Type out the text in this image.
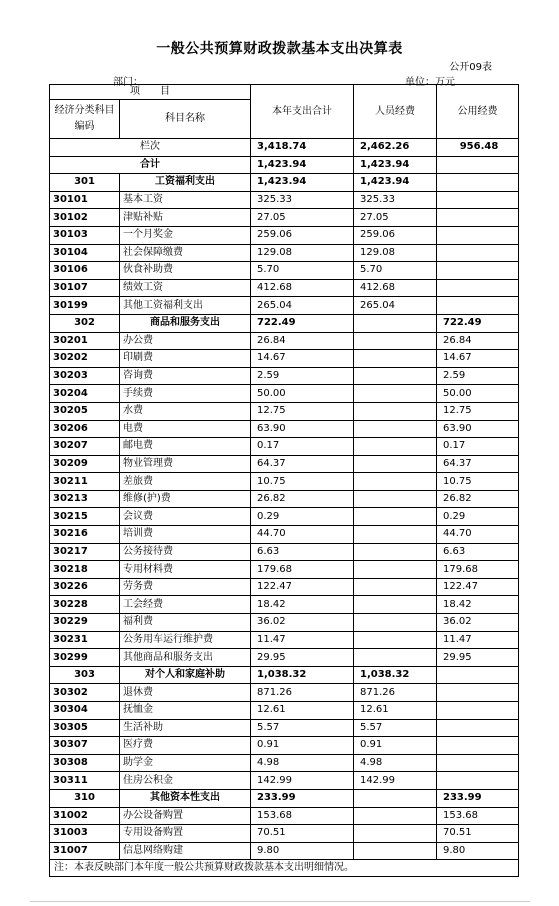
一般公共预算财政拨款基本支出决算表
公开09表
部门：	单位：万元
项　　目		本年支出合计	人员经费	公用经费
经济分类科目编码	科目名称			
栏次		3,418.74	2,462.26	956.48
合计		1,423.94	1,423.94	
301	工资福利支出	1,423.94	1,423.94	
30101	基本工资	325.33	325.33	
30102	津贴补贴	27.05	27.05	
30103	一个月奖金	259.06	259.06	
30104	社会保障缴费	129.08	129.08	
30106	伙食补助费	5.70	5.70	
30107	绩效工资	412.68	412.68	
30199	其他工资福利支出	265.04	265.04	
302	商品和服务支出	722.49		722.49
30201	办公费	26.84		26.84
30202	印刷费	14.67		14.67
30203	咨询费	2.59		2.59
30204	手续费	50.00		50.00
30205	水费	12.75		12.75
30206	电费	63.90		63.90
30207	邮电费	0.17		0.17
30209	物业管理费	64.37		64.37
30211	差旅费	10.75		10.75
30213	维修(护)费	26.82		26.82
30215	会议费	0.29		0.29
30216	培训费	44.70		44.70
30217	公务接待费	6.63		6.63
30218	专用材料费	179.68		179.68
30226	劳务费	122.47		122.47
30228	工会经费	18.42		18.42
30229	福利费	36.02		36.02
30231	公务用车运行维护费	11.47		11.47
30299	其他商品和服务支出	29.95		29.95
303	对个人和家庭补助	1,038.32	1,038.32	
30302	退休费	871.26	871.26	
30304	抚恤金	12.61	12.61	
30305	生活补助	5.57	5.57	
30307	医疗费	0.91	0.91	
30308	助学金	4.98	4.98	
30311	住房公积金	142.99	142.99	
310	其他资本性支出	233.99		233.99
31002	办公设备购置	153.68		153.68
31003	专用设备购置	70.51		70.51
31007	信息网络购建	9.80		9.80
注：本表反映部门本年度一般公共预算财政拨款基本支出明细情况。
